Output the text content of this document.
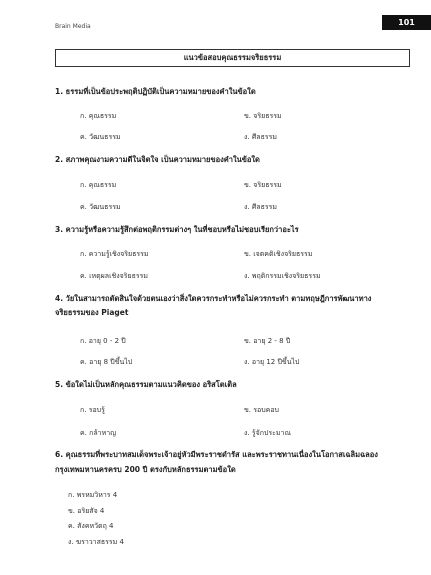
Brain Media	101
แนวข้อสอบคุณธรรมจริยธรรม
1. ธรรมที่เป็นข้อประพฤติปฏิบัติเป็นความหมายของคำในข้อใด
ก. คุณธรรม	ข. จริยธรรม
ค. วัฒนธรรม	ง. ศีลธรรม
2. สภาพคุณงามความดีในจิตใจ เป็นความหมายของคำในข้อใด
ก. คุณธรรม	ข. จริยธรรม
ค. วัฒนธรรม	ง. ศีลธรรม
3. ความรู้หรือความรู้สึกต่อพฤติกรรมต่างๆ ในที่ชอบหรือไม่ชอบเรียกว่าอะไร
ก. ความรู้เชิงจริยธรรม	ข. เจตคติเชิงจริยธรรม
ค. เหตุผลเชิงจริยธรรม	ง. พฤติกรรมเชิงจริยธรรม
4. วัยในสามารถตัดสินใจด้วยตนเองว่าสิ่งใดควรกระทำหรือไม่ควรกระทำ ตามทฤษฎีการพัฒนาทาง
จริยธรรมของ Piaget
ก. อายุ 0 - 2 ปี	ข. อายุ 2 - 8 ปี
ค. อายุ 8 ปีขึ้นไป	ง. อายุ 12 ปีขึ้นไป
5. ข้อใดไม่เป็นหลักคุณธรรมตามแนวคิดของ อริสโตเติล
ก. รอบรู้	ข. รอบคอบ
ค. กล้าหาญ	ง. รู้จักประมาณ
6. คุณธรรมที่พระบาทสมเด็จพระเจ้าอยู่หัวมีพระราชดำรัส และพระราชทานเนื่องในโอกาสเฉลิมฉลอง
กรุงเทพมหานครครบ 200 ปี ตรงกับหลักธรรมตามข้อใด
ก. พรหมวิหาร 4
ข. อริยสัจ 4
ค. สังคหวัตถุ 4
ง. ฆราวาสธรรม 4
